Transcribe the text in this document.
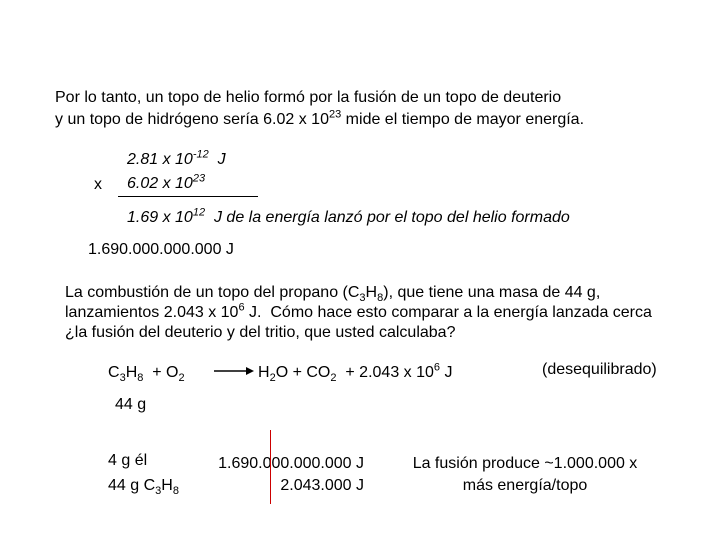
Por lo tanto, un topo de helio formó por la fusión de un topo de deuterio
y un topo de hidrógeno sería 6.02 x $10^{23}$ mide el tiempo de mayor energía.
2.81 x $10^{-12}$  J
x 6.02 x $10^{23}$
1.69 x $10^{12}$  J de la energía lanzó por el topo del helio formado
1.690.000.000.000 J
La combustión de un topo del propano $(C_3H_8)$, que tiene una masa de 44 g,
lanzamientos 2.043 x $10^6$ J.  Cómo hace esto comparar a la energía lanzada cerca
¿la fusión del deuterio y del tritio, que usted calculaba?
$C_3H_8 + O_2 \to H_2O + CO_2 + 2.043$ x $10^6$ J	(desequilibrado)
44 g
4 g él
44 g $C_3H_8$
1.690.000.000.000 J
2.043.000 J
La fusión produce ~1.000.000 x
más energía/topo
